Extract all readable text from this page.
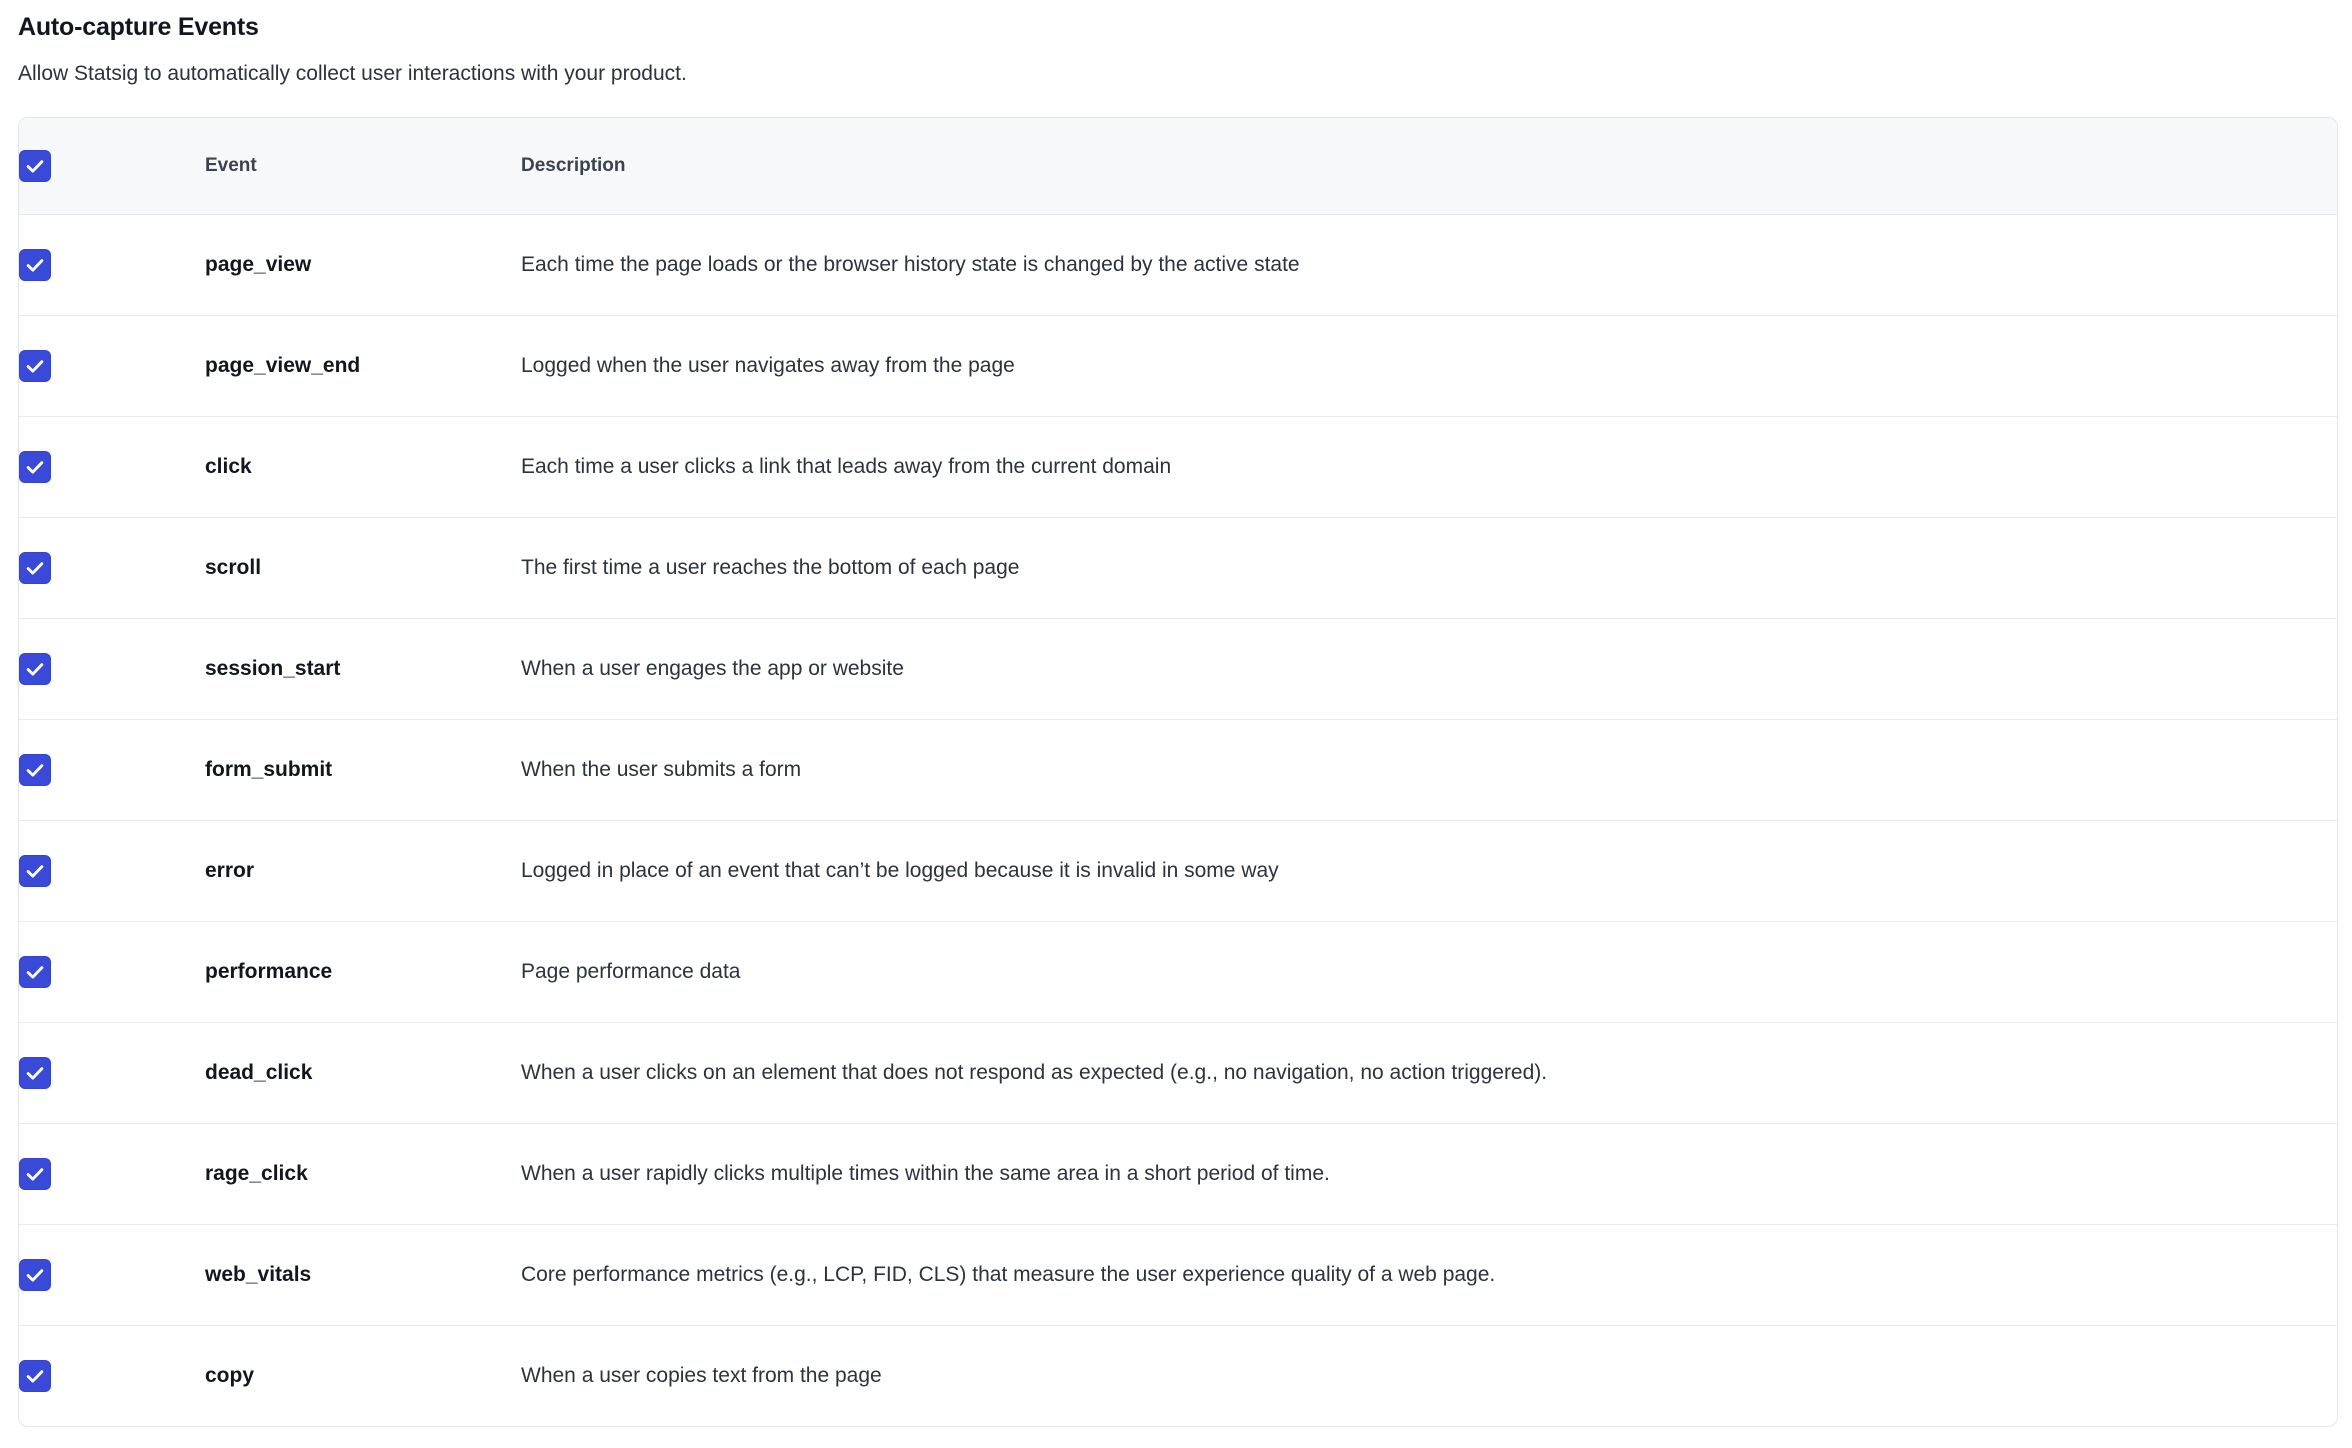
Auto-capture Events

Allow Statsig to automatically collect user interactions with your product.

	Event	Description

	page_view	Each time the page loads or the browser history state is changed by the active state

	page_view_end	Logged when the user navigates away from the page

	click	Each time a user clicks a link that leads away from the current domain

	scroll	The first time a user reaches the bottom of each page

	session_start	When a user engages the app or website

	form_submit	When the user submits a form

	error	Logged in place of an event that can’t be logged because it is invalid in some way

	performance	Page performance data

	dead_click	When a user clicks on an element that does not respond as expected (e.g., no navigation, no action triggered).

	rage_click	When a user rapidly clicks multiple times within the same area in a short period of time.

	web_vitals	Core performance metrics (e.g., LCP, FID, CLS) that measure the user experience quality of a web page.

	copy	When a user copies text from the page
